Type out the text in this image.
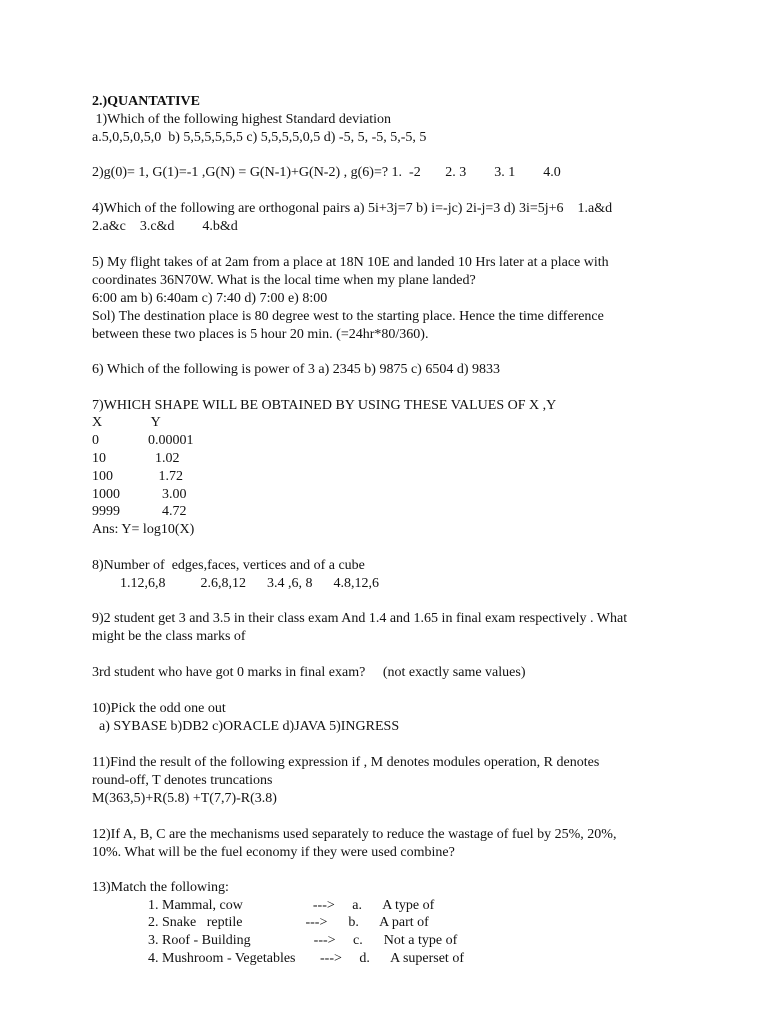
2.)QUANTATIVE

1)Which of the following highest Standard deviation

a.5,0,5,0,5,0  b) 5,5,5,5,5,5 c) 5,5,5,5,0,5 d) -5, 5, -5, 5,-5, 5

2)g(0)= 1, G(1)=-1 ,G(N) = G(N-1)+G(N-2) , g(6)=? 1.  -2       2. 3        3. 1        4.0

4)Which of the following are orthogonal pairs a) 5i+3j=7 b) i=-jc) 2i-j=3 d) 3i=5j+6    1.a&d

2.a&c    3.c&d        4.b&d

5) My flight takes of at 2am from a place at 18N 10E and landed 10 Hrs later at a place with

coordinates 36N70W. What is the local time when my plane landed?

6:00 am b) 6:40am c) 7:40 d) 7:00 e) 8:00

Sol) The destination place is 80 degree west to the starting place. Hence the time difference

between these two places is 5 hour 20 min. (=24hr*80/360).

6) Which of the following is power of 3 a) 2345 b) 9875 c) 6504 d) 9833

7)WHICH SHAPE WILL BE OBTAINED BY USING THESE VALUES OF X ,Y

X              Y

0              0.00001

10              1.02

100             1.72

1000            3.00

9999            4.72

Ans: Y= log10(X)

8)Number of  edges,faces, vertices and of a cube

1.12,6,8          2.6,8,12      3.4 ,6, 8      4.8,12,6

9)2 student get 3 and 3.5 in their class exam And 1.4 and 1.65 in final exam respectively . What

might be the class marks of

3rd student who have got 0 marks in final exam?     (not exactly same values)

10)Pick the odd one out

a) SYBASE b)DB2 c)ORACLE d)JAVA 5)INGRESS

11)Find the result of the following expression if , M denotes modules operation, R denotes

round-off, T denotes truncations

M(363,5)+R(5.8) +T(7,7)-R(3.8)

12)If A, B, C are the mechanisms used separately to reduce the wastage of fuel by 25%, 20%,

10%. What will be the fuel economy if they were used combine?

13)Match the following:

1. Mammal, cow                    --->     a.      A type of

2. Snake   reptile                  --->      b.      A part of

3. Roof - Building                  --->     c.      Not a type of

4. Mushroom - Vegetables       --->     d.      A superset of
